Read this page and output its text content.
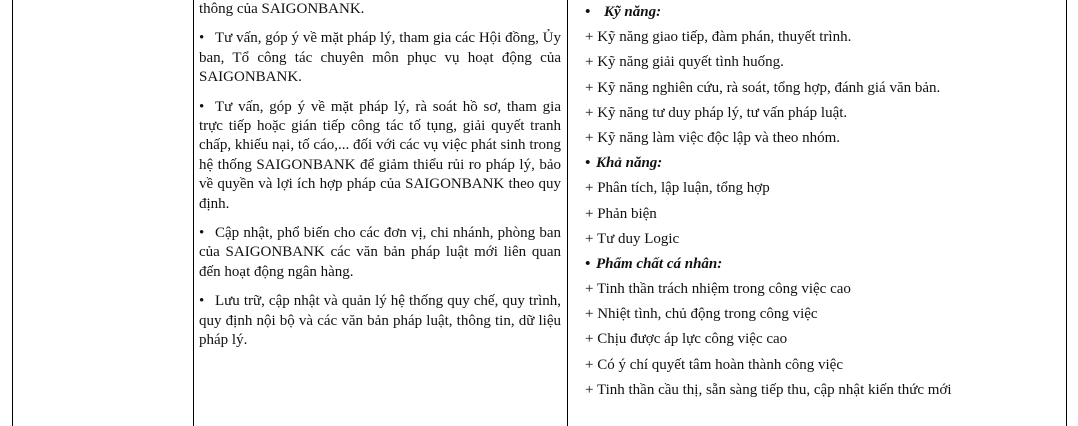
thông của SAIGONBANK.

• Tư vấn, góp ý về mặt pháp lý, tham gia các Hội đồng, Ủy ban, Tổ công tác chuyên môn phục vụ hoạt động của SAIGONBANK.

• Tư vấn, góp ý về mặt pháp lý, rà soát hồ sơ, tham gia trực tiếp hoặc gián tiếp công tác tố tụng, giải quyết tranh chấp, khiếu nại, tố cáo,... đối với các vụ việc phát sinh trong hệ thống SAIGONBANK để giảm thiểu rủi ro pháp lý, bảo về quyền và lợi ích hợp pháp của SAIGONBANK theo quy định.

• Cập nhật, phổ biến cho các đơn vị, chi nhánh, phòng ban của SAIGONBANK các văn bản pháp luật mới liên quan đến hoạt động ngân hàng.

• Lưu trữ, cập nhật và quản lý hệ thống quy chế, quy trình, quy định nội bộ và các văn bản pháp luật, thông tin, dữ liệu pháp lý.

• Kỹ năng:
+ Kỹ năng giao tiếp, đàm phán, thuyết trình.
+ Kỹ năng giải quyết tình huống.
+ Kỹ năng nghiên cứu, rà soát, tổng hợp, đánh giá văn bản.
+ Kỹ năng tư duy pháp lý, tư vấn pháp luật.
+ Kỹ năng làm việc độc lập và theo nhóm.
• Khả năng:
+ Phân tích, lập luận, tổng hợp
+ Phản biện
+ Tư duy Logic
• Phẩm chất cá nhân:
+ Tinh thần trách nhiệm trong công việc cao
+ Nhiệt tình, chủ động trong công việc
+ Chịu được áp lực công việc cao
+ Có ý chí quyết tâm hoàn thành công việc
+ Tinh thần cầu thị, sẵn sàng tiếp thu, cập nhật kiến thức mới
